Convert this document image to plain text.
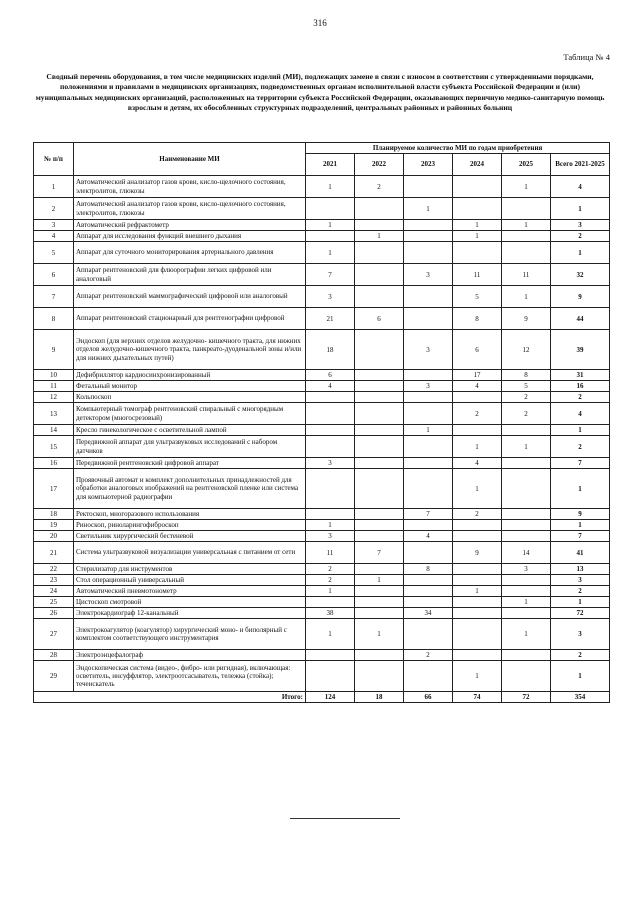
316
Таблица № 4
Сводный перечень оборудования, в том числе медицинских изделий (МИ), подлежащих замене в связи с износом в соответствии с утвержденными порядками, положениями и правилами в медицинских организациях, подведомственных органам исполнительной власти субъекта Российской Федерации и (или) муниципальных медицинских организаций, расположенных на территории субъекта Российской Федерации, оказывающих первичную медико-санитарную помощь взрослым и детям, их обособленных структурных подразделений, центральных районных и районных больниц
№ п/п	Наименование МИ	Планируемое количество МИ по годам приобретения					
		2021	2022	2023	2024	2025	Всего 2021-2025
1	Автоматический анализатор газов крови, кисло-щелочного состояния, электролитов, глюкозы	1	2			1	4
2	Автоматический анализатор газов крови, кисло-щелочного состояния, электролитов, глюкозы			1			1
3	Автоматический рефрактометр	1			1	1	3
4	Аппарат для исследования функций внешнего дыхания		1		1		2
5	Аппарат для суточного мониторирования артериального давления	1					1
6	Аппарат рентгеновский для флюорографии легких цифровой или аналоговый	7		3	11	11	32
7	Аппарат рентгеновский маммографический цифровой или аналоговый	3			5	1	9
8	Аппарат рентгеновский стационарный для рентгенографии цифровой	21	6		8	9	44
9	Эндоскоп (для верхних отделов желудочно- кишечного тракта, для нижних отделов желудочно-кишечного тракта, панкреато-дуоденальной зоны и/или для нижних дыхательных путей)	18		3	6	12	39
10	Дефибриллятор кардиосинхронизированный	6			17	8	31
11	Фетальный монитор	4		3	4	5	16
12	Кольпоскоп					2	2
13	Компьютерный томограф рентгеновский спиральный с многорядным детектором (многосрезовый)				2	2	4
14	Кресло гинекологическое с осветительной лампой			1			1
15	Передвижной аппарат для ультразвуковых исследований с набором датчиков				1	1	2
16	Передвижной рентгеновский цифровой аппарат	3			4		7
17	Проявочный автомат и комплект дополнительных принадлежностей для обработки аналоговых изображений на рентгеновской пленке или система для компьютерной радиографии				1		1
18	Ректоскоп, многоразового использования			7	2		9
19	Риноскоп, риноларингофиброскоп	1					1
20	Светильник хирургический бестеневой	3		4			7
21	Система ультразвуковой визуализации универсальная с питанием от сети	11	7		9	14	41
22	Стерилизатор для инструментов	2		8		3	13
23	Стол операционный универсальный	2	1				3
24	Автоматический пневмотонометр	1			1		2
25	Цистоскоп смотровой					1	1
26	Электрокардиограф 12-канальный	38		34			72
27	Электрокоагулятор (коагулятор) хирургический моно- и биполярный с комплектом соответствующего инструментария	1	1			1	3
28	Электроэнцефалограф			2			2
29	Эндоскопическая система (видео-, фибро- или ригидная), включающая: осветитель, инсуффлятор, электроотсасыватель, тележка (стойка); течеискатель				1		1
Итого:		124	18	66	74	72	354
